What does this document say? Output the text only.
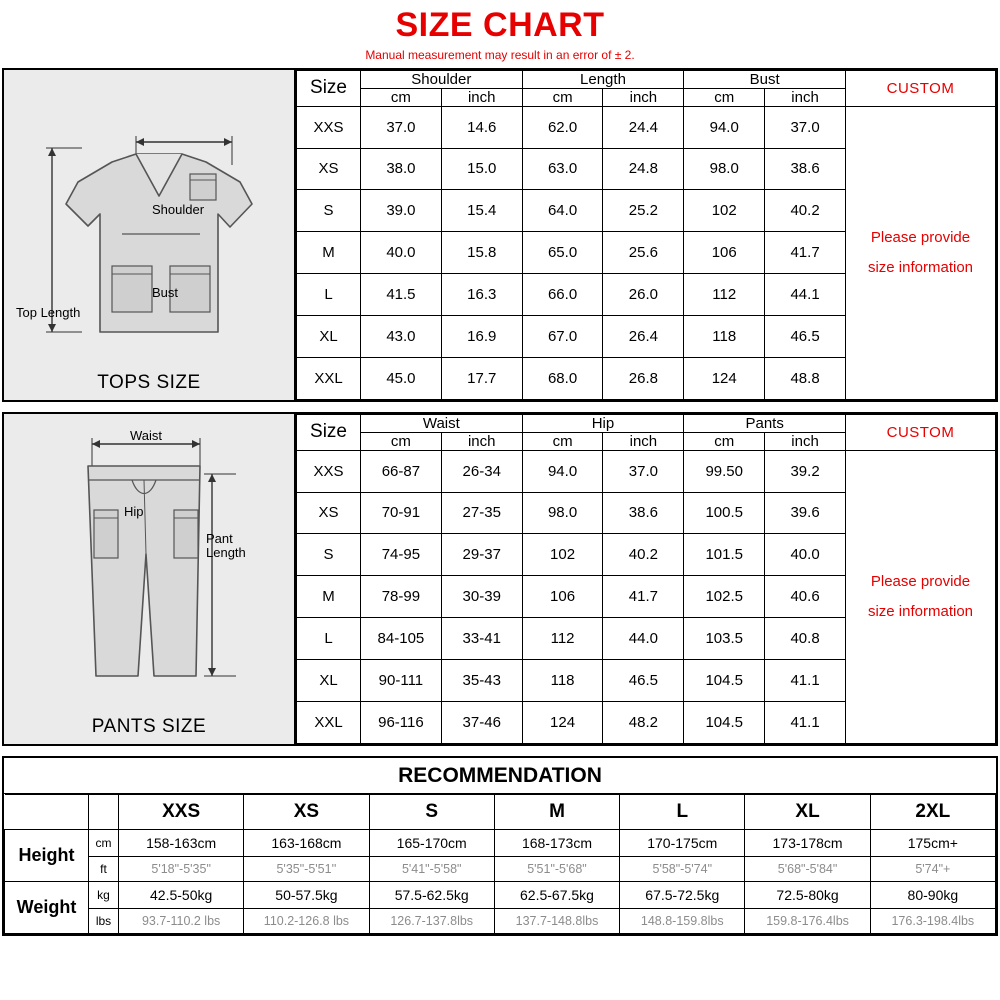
SIZE CHART
Manual measurement may result in an error of ± 2.
Shoulder
Bust
Top Length
TOPS SIZE
Size	Shoulder		Length		Bust		CUSTOM
	cm	inch	cm	inch	cm	inch	
XXS	37.0	14.6	62.0	24.4	94.0	37.0	Please provide
size information

XS	38.0	15.0	63.0	24.8	98.0	38.6	
S	39.0	15.4	64.0	25.2	102	40.2	
M	40.0	15.8	65.0	25.6	106	41.7	
L	41.5	16.3	66.0	26.0	112	44.1	
XL	43.0	16.9	67.0	26.4	118	46.5	
XXL	45.0	17.7	68.0	26.8	124	48.8	
Waist
Hip
Pant
Length
PANTS SIZE
Size	Waist		Hip		Pants		CUSTOM
	cm	inch	cm	inch	cm	inch	
XXS	66-87	26-34	94.0	37.0	99.50	39.2	Please provide
size information

XS	70-91	27-35	98.0	38.6	100.5	39.6	
S	74-95	29-37	102	40.2	101.5	40.0	
M	78-99	30-39	106	41.7	102.5	40.6	
L	84-105	33-41	112	44.0	103.5	40.8	
XL	90-111	35-43	118	46.5	104.5	41.1	
XXL	96-116	37-46	124	48.2	104.5	41.1	
RECOMMENDATION
		XXS	XS	S	M	L	XL	2XL
Height	cm	158-163cm	163-168cm	165-170cm	168-173cm	170-175cm	173-178cm	175cm+
	ft	5'18"-5'35"	5'35"-5'51''	5'41"-5'58"	5'51"-5'68"	5'58"-5'74"	5'68"-5'84"	5'74"+
Weight	kg	42.5-50kg	50-57.5kg	57.5-62.5kg	62.5-67.5kg	67.5-72.5kg	72.5-80kg	80-90kg
	lbs	93.7-110.2 lbs	110.2-126.8 lbs	126.7-137.8lbs	137.7-148.8lbs	148.8-159.8lbs	159.8-176.4lbs	176.3-198.4lbs
